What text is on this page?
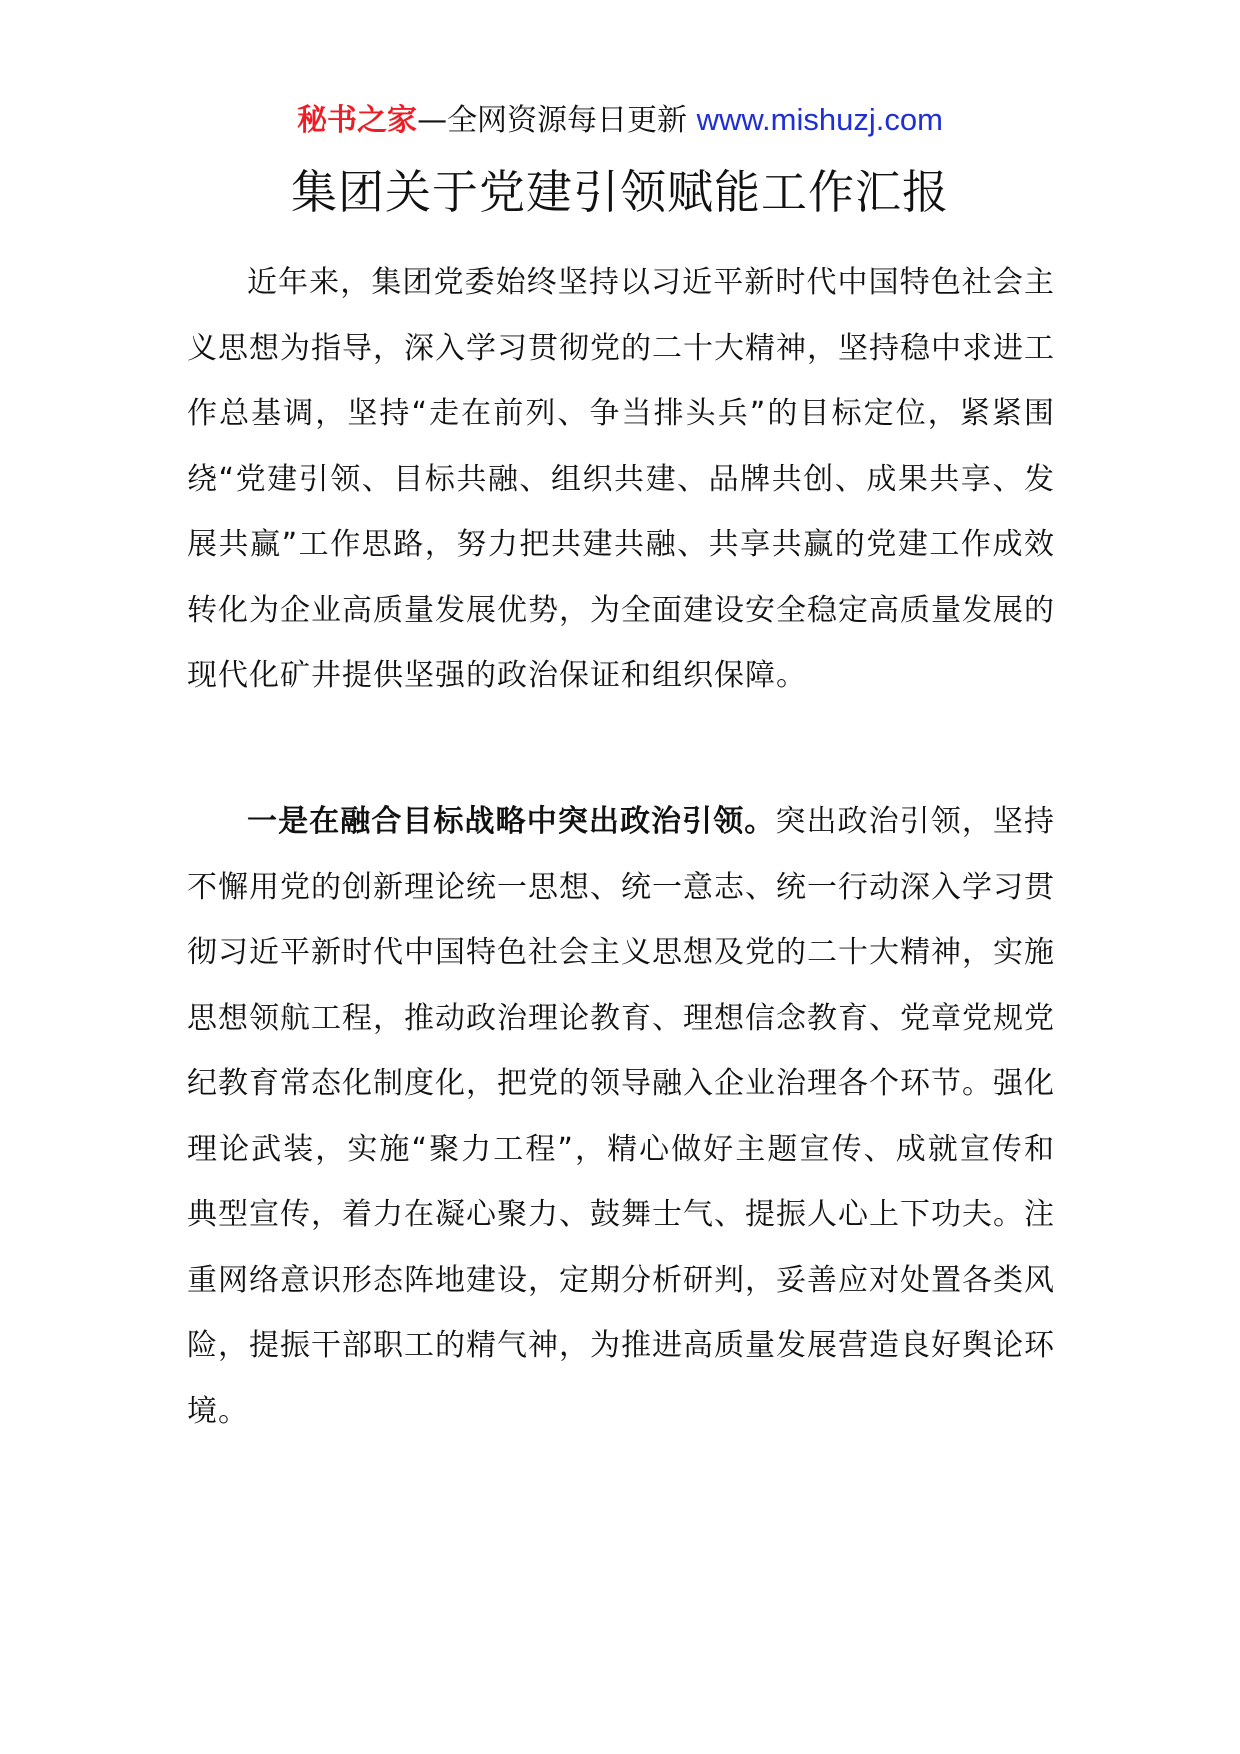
秘书之家—全网资源每日更新 www.mishuzj.com
集团关于党建引领赋能工作汇报

近年来，集团党委始终坚持以习近平新时代中国特色社会主义思想为指导，深入学习贯彻党的二十大精神，坚持稳中求进工作总基调，坚持“走在前列、争当排头兵”的目标定位，紧紧围绕“党建引领、目标共融、组织共建、品牌共创、成果共享、发展共赢”工作思路，努力把共建共融、共享共赢的党建工作成效转化为企业高质量发展优势，为全面建设安全稳定高质量发展的现代化矿井提供坚强的政治保证和组织保障。

一是在融合目标战略中突出政治引领。突出政治引领，坚持不懈用党的创新理论统一思想、统一意志、统一行动深入学习贯彻习近平新时代中国特色社会主义思想及党的二十大精神，实施思想领航工程，推动政治理论教育、理想信念教育、党章党规党纪教育常态化制度化，把党的领导融入企业治理各个环节。强化理论武装，实施“聚力工程”，精心做好主题宣传、成就宣传和典型宣传，着力在凝心聚力、鼓舞士气、提振人心上下功夫。注重网络意识形态阵地建设，定期分析研判，妥善应对处置各类风险，提振干部职工的精气神，为推进高质量发展营造良好舆论环境。
